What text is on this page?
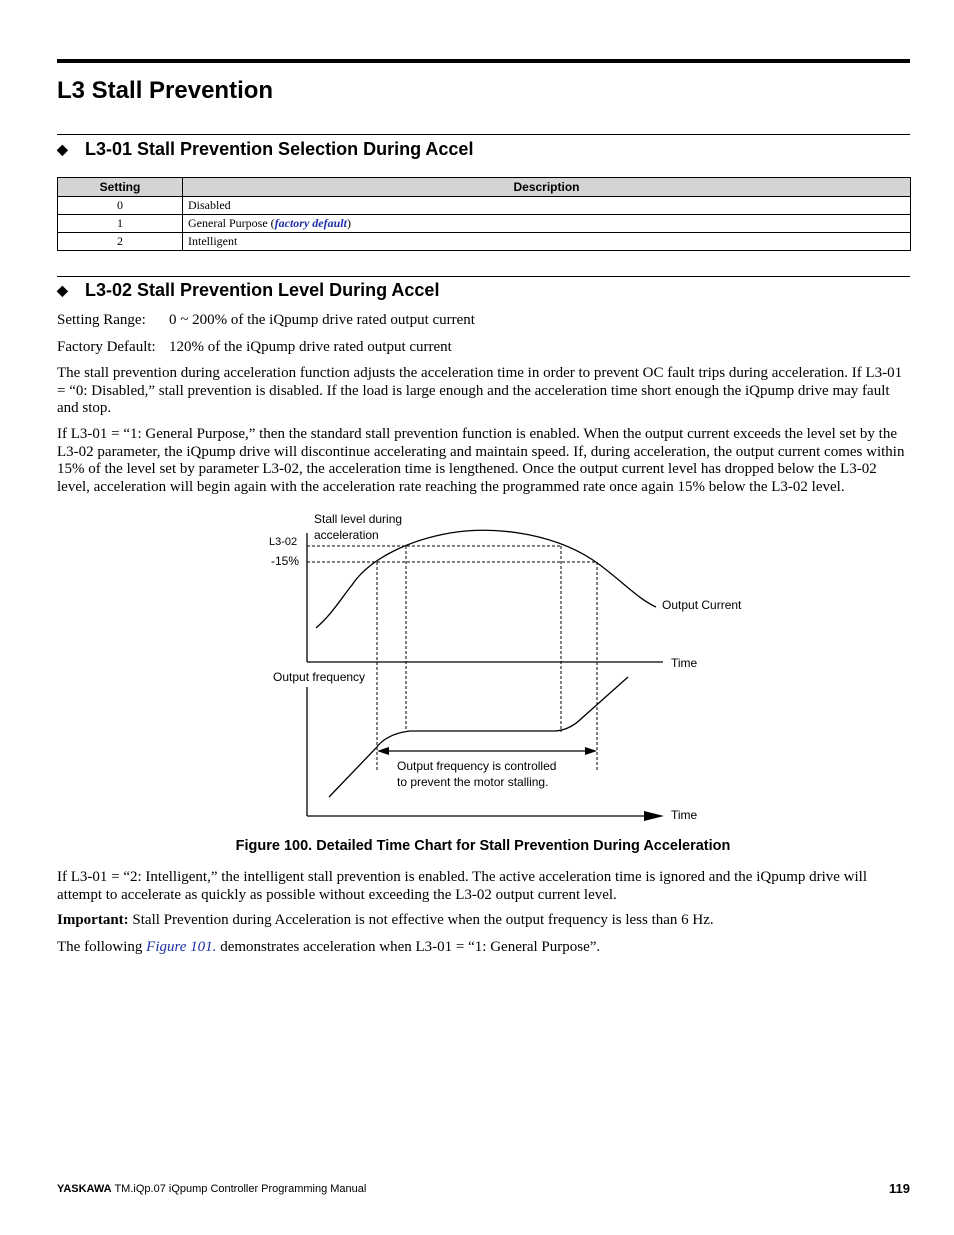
L3 Stall Prevention
◆ L3-01 Stall Prevention Selection During Accel
Setting	Description
0	Disabled
1	General Purpose (factory default)
2	Intelligent
◆ L3-02 Stall Prevention Level During Accel

Setting Range: 0 ~ 200% of the iQpump drive rated output current

Factory Default: 120% of the iQpump drive rated output current

The stall prevention during acceleration function adjusts the acceleration time in order to prevent OC fault trips during acceleration. If L3-01 = “0: Disabled,” stall prevention is disabled. If the load is large enough and the acceleration time short enough the iQpump drive may fault and stop.

If L3-01 = “1: General Purpose,” then the standard stall prevention function is enabled. When the output current exceeds the level set by the L3-02 parameter, the iQpump drive will discontinue accelerating and maintain speed. If, during acceleration, the output current comes within 15% of the level set by parameter L3-02, the acceleration time is lengthened. Once the output current level has dropped below the L3-02 level, acceleration will begin again with the acceleration rate reaching the programmed rate once again 15% below the L3-02 level.

Stall level during
acceleration
L3-02
-15%
Output Current
Time
Output frequency
Output frequency is controlled
to prevent the motor stalling.
Time

Figure 100. Detailed Time Chart for Stall Prevention During Acceleration

If L3-01 = “2: Intelligent,” the intelligent stall prevention is enabled. The active acceleration time is ignored and the iQpump drive will attempt to accelerate as quickly as possible without exceeding the L3-02 output current level.

Important: Stall Prevention during Acceleration is not effective when the output frequency is less than 6 Hz.

The following Figure 101. demonstrates acceleration when L3-01 = “1: General Purpose”.

YASKAWA TM.iQp.07 iQpump Controller Programming Manual	119
